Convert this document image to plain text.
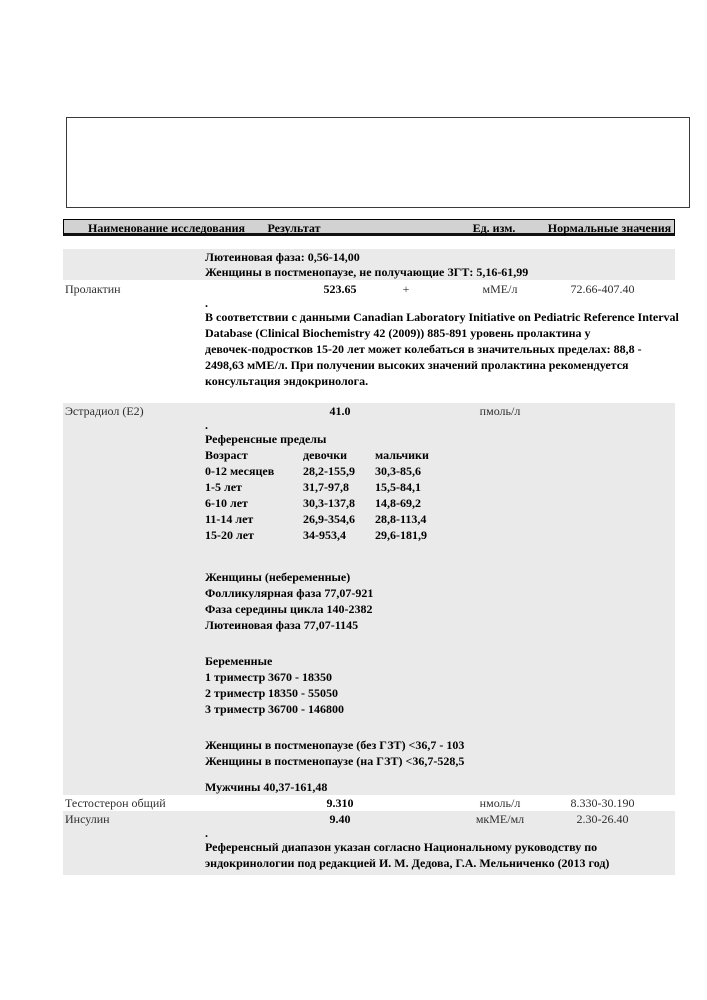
Наименование исследования	Результат	Ед. изм.	Нормальные значения
Лютеиновая фаза: 0,56-14,00
Женщины в постменопаузе, не получающие ЗГТ: 5,16-61,99
Пролактин	523.65	+	мМЕ/л	72.66-407.40
.
В соответствии с данными Canadian Laboratory Initiative on Pediatric Reference Interval
Database (Clinical Biochemistry 42 (2009)) 885-891 уровень пролактина у
девочек-подростков 15-20 лет может колебаться в значительных пределах: 88,8 -
2498,63 мМЕ/л. При получении высоких значений пролактина рекомендуется
консультация эндокринолога.
Эстрадиол (Е2)	41.0	пмоль/л
.
Референсные пределы
Возраст	девочки	мальчики
0-12 месяцев	28,2-155,9	30,3-85,6
1-5 лет	31,7-97,8	15,5-84,1
6-10 лет	30,3-137,8	14,8-69,2
11-14 лет	26,9-354,6	28,8-113,4
15-20 лет	34-953,4	29,6-181,9
Женщины (небеременные)
Фолликулярная фаза 77,07-921
Фаза середины цикла 140-2382
Лютеиновая фаза 77,07-1145
Беременные
1 триместр 3670 - 18350
2 триместр 18350 - 55050
3 триместр 36700 - 146800
Женщины в постменопаузе (без ГЗТ) <36,7 - 103
Женщины в постменопаузе (на ГЗТ) <36,7-528,5
Мужчины 40,37-161,48
Тестостерон общий	9.310	нмоль/л	8.330-30.190
Инсулин	9.40	мкМЕ/мл	2.30-26.40
.
Референсный диапазон указан согласно Национальному руководству по
эндокринологии под редакцией И. М. Дедова, Г.А. Мельниченко (2013 год)
